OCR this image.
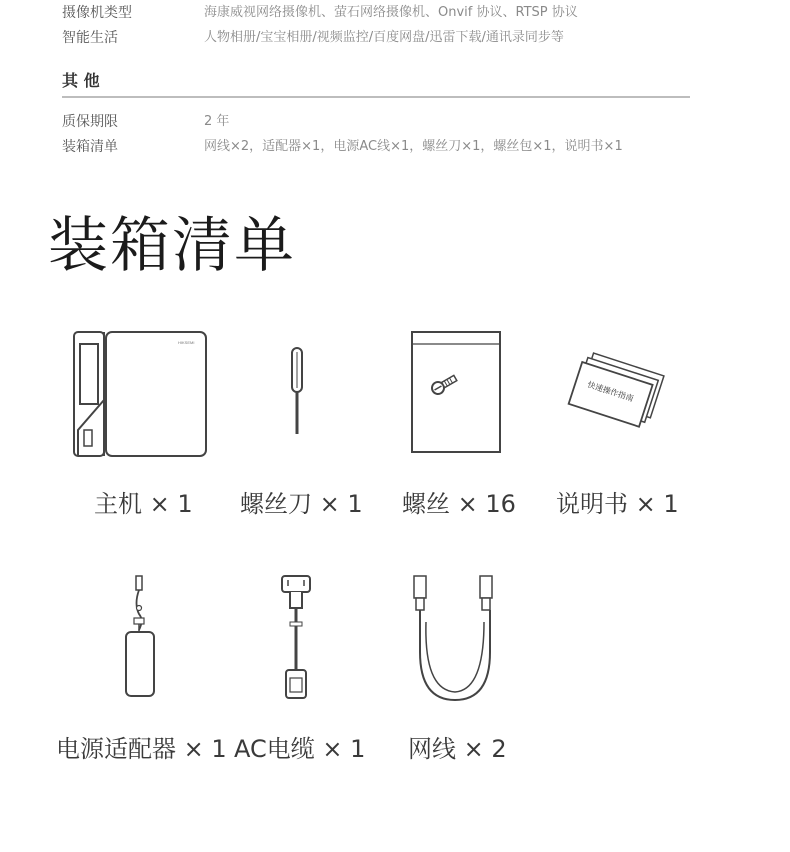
摄像机类型	海康威视网络摄像机、萤石网络摄像机、Onvif 协议、RTSP 协议
智能生活	人物相册/宝宝相册/视频监控/百度网盘/迅雷下载/通讯录同步等
其 他
质保期限	2 年
装箱清单	网线×2，适配器×1，电源AC线×1，螺丝刀×1，螺丝包×1，说明书×1
装箱清单
HIKSEMI
快速操作指南
主机 × 1 螺丝刀 × 1 螺丝 × 16 说明书 × 1
电源适配器 × 1 AC电缆 × 1 网线 × 2
